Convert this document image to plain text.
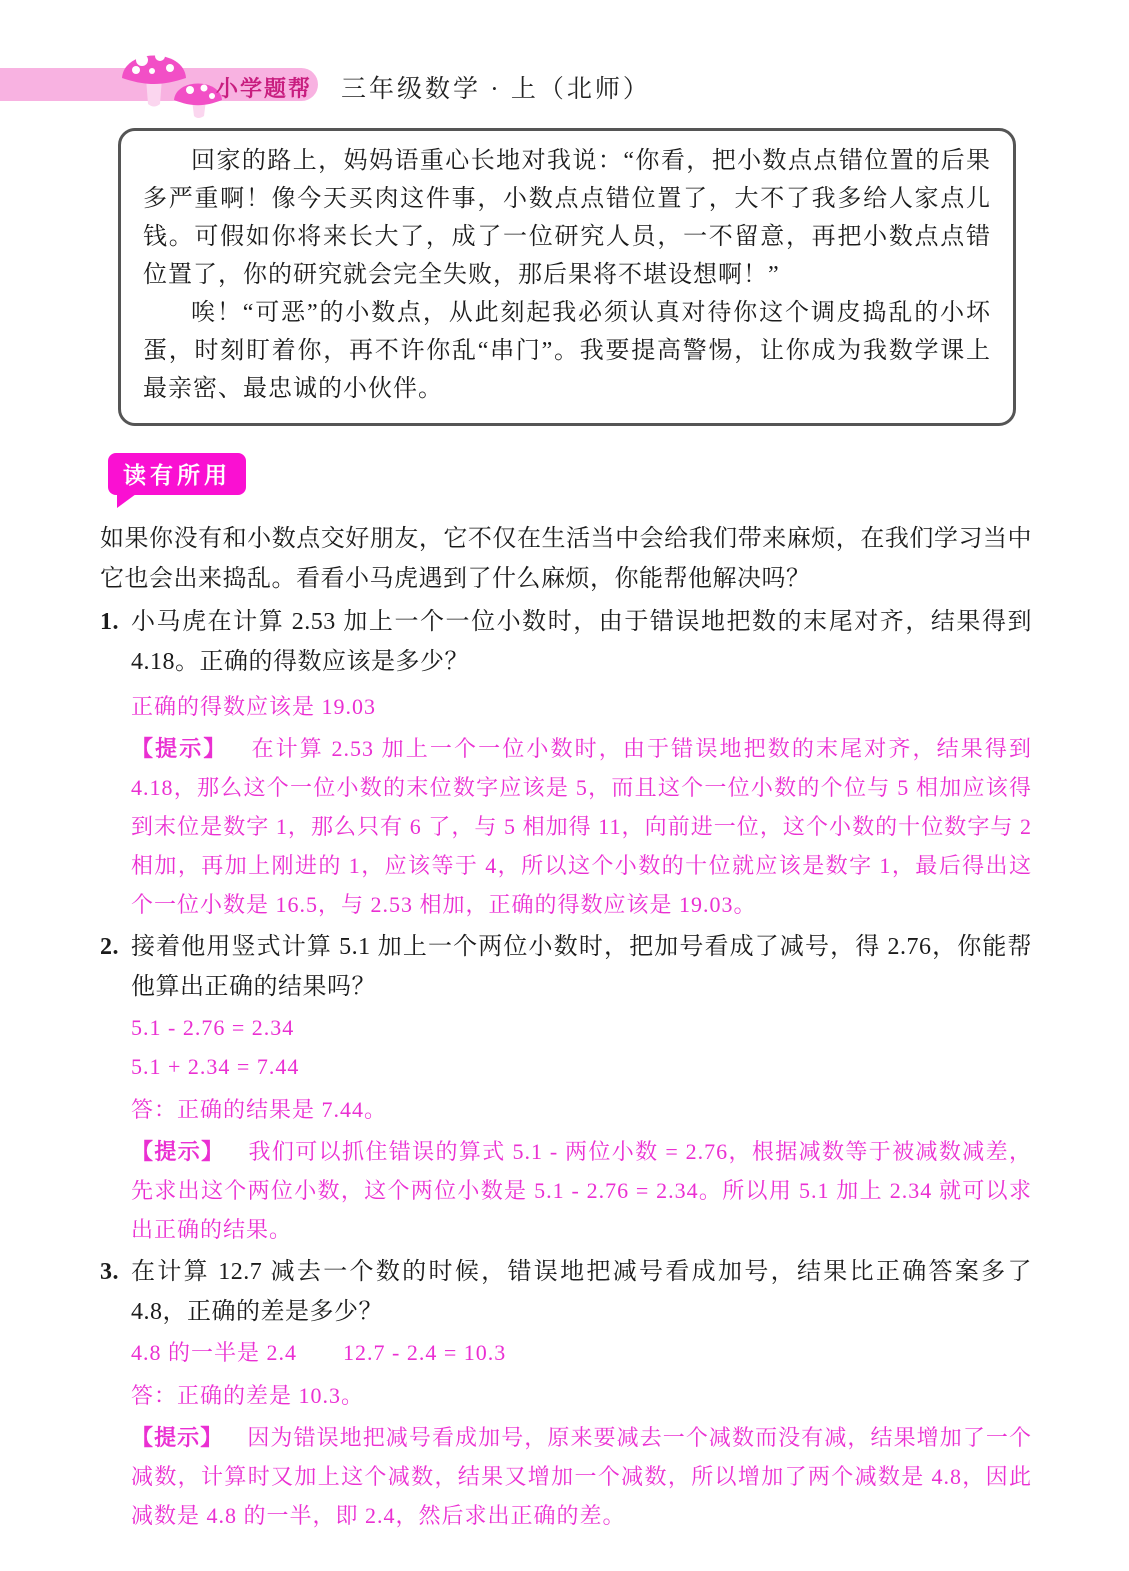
小学题帮 三年级数学 · 上（北师）

回家的路上，妈妈语重心长地对我说：“你看，把小数点点错位置的后果多严重啊！像今天买肉这件事，小数点点错位置了，大不了我多给人家点儿钱。可假如你将来长大了，成了一位研究人员，一不留意，再把小数点点错位置了，你的研究就会完全失败，那后果将不堪设想啊！”

唉！“可恶”的小数点，从此刻起我必须认真对待你这个调皮捣乱的小坏蛋，时刻盯着你，再不许你乱“串门”。我要提高警惕，让你成为我数学课上最亲密、最忠诚的小伙伴。

读有所用

如果你没有和小数点交好朋友，它不仅在生活当中会给我们带来麻烦，在我们学习当中它也会出来捣乱。看看小马虎遇到了什么麻烦，你能帮他解决吗？

1. 小马虎在计算 2.53 加上一个一位小数时，由于错误地把数的末尾对齐，结果得到 4.18。正确的得数应该是多少？

正确的得数应该是 19.03

【提示】 在计算 2.53 加上一个一位小数时，由于错误地把数的末尾对齐，结果得到 4.18，那么这个一位小数的末位数字应该是 5，而且这个一位小数的个位与 5 相加应该得到末位是数字 1，那么只有 6 了，与 5 相加得 11，向前进一位，这个小数的十位数字与 2 相加，再加上刚进的 1，应该等于 4，所以这个小数的十位就应该是数字 1，最后得出这个一位小数是 16.5，与 2.53 相加，正确的得数应该是 19.03。

2. 接着他用竖式计算 5.1 加上一个两位小数时，把加号看成了减号，得 2.76，你能帮他算出正确的结果吗？

5.1 - 2.76 = 2.34
5.1 + 2.34 = 7.44
答：正确的结果是 7.44。

【提示】 我们可以抓住错误的算式 5.1 - 两位小数 = 2.76，根据减数等于被减数减差，先求出这个两位小数，这个两位小数是 5.1 - 2.76 = 2.34。所以用 5.1 加上 2.34 就可以求出正确的结果。

3. 在计算 12.7 减去一个数的时候，错误地把减号看成加号，结果比正确答案多了 4.8，正确的差是多少？

4.8 的一半是 2.4 12.7 - 2.4 = 10.3
答：正确的差是 10.3。

【提示】 因为错误地把减号看成加号，原来要减去一个减数而没有减，结果增加了一个减数，计算时又加上这个减数，结果又增加一个减数，所以增加了两个减数是 4.8，因此减数是 4.8 的一半，即 2.4，然后求出正确的差。
